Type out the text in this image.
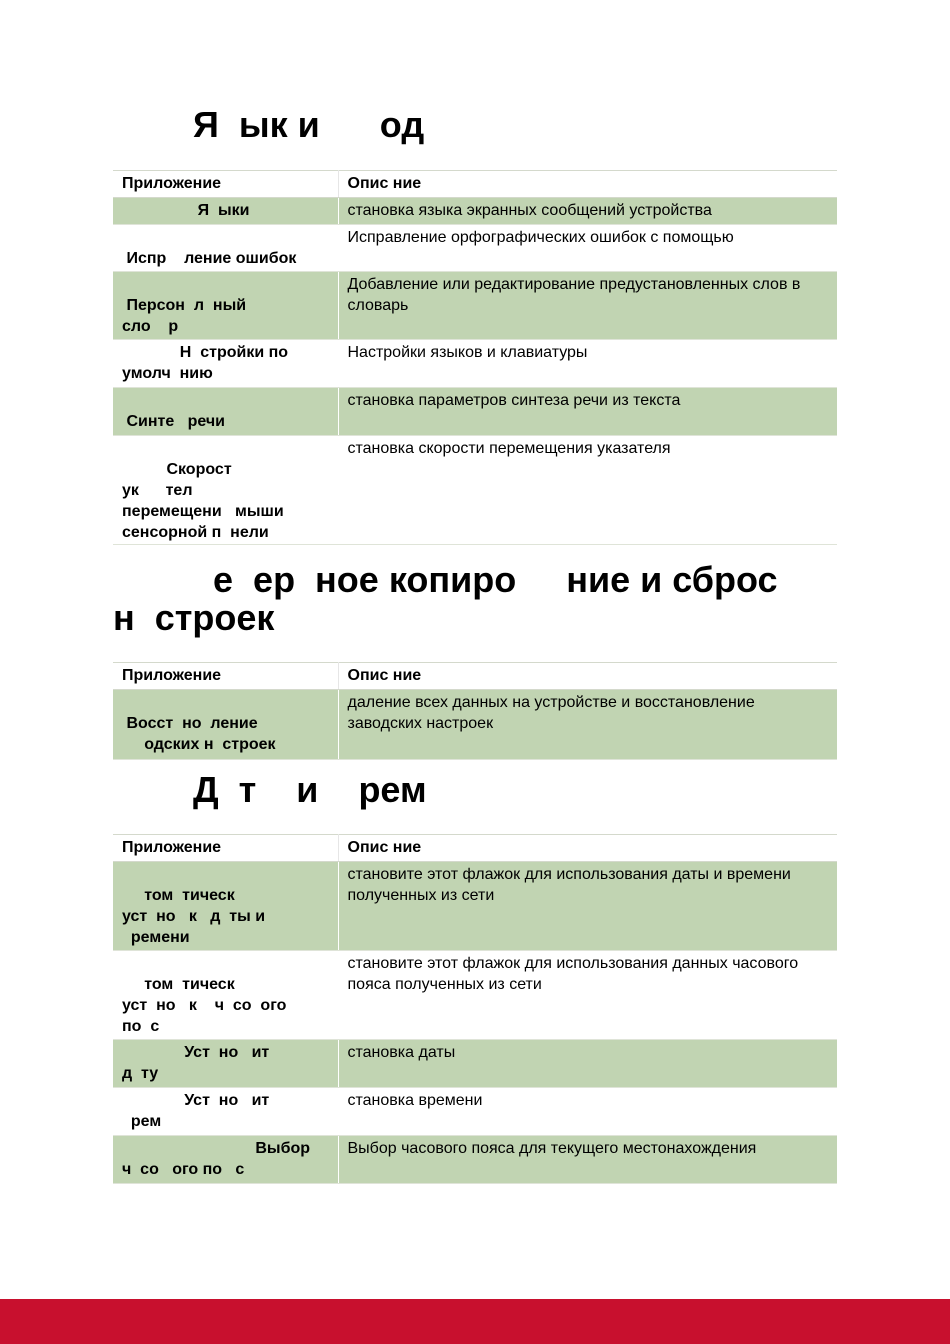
Я  ык и      од
Приложение	Опис ние
Я  ыки	становка языка экранных сообщений устройства

Испр    ление ошибок	Исправление орфографических ошибок с помощью

Персон  л  ный
сло    р	Добавление или редактирование предустановленных слов в словарь
Н  стройки по
умолч  нию	Настройки языков и клавиатуры

Синте   речи	становка параметров синтеза речи из текста

Скорост
ук      тел
перемещени   мыши
сенсорной п  нели	становка скорости перемещения указателя
е  ер  ное копиро     ние и сброс
н  строек
Приложение	Опис ние

Восст  но  ление
одских н  строек	даление всех данных на устройстве и восстановление заводских настроек
Д  т    и    рем
Приложение	Опис ние

том  тическ
уст  но   к   д  ты и
ремени	становите этот флажок для использования даты и времени полученных из сети

том  тическ
уст  но   к    ч  со  ого
по  с	становите этот флажок для использования данных часового пояса полученных из сети
Уст  но   ит
д  ту	становка даты
Уст  но   ит
рем	становка времени
Выбор
ч  со   ого по   с	Выбор часового пояса для текущего местонахождения
